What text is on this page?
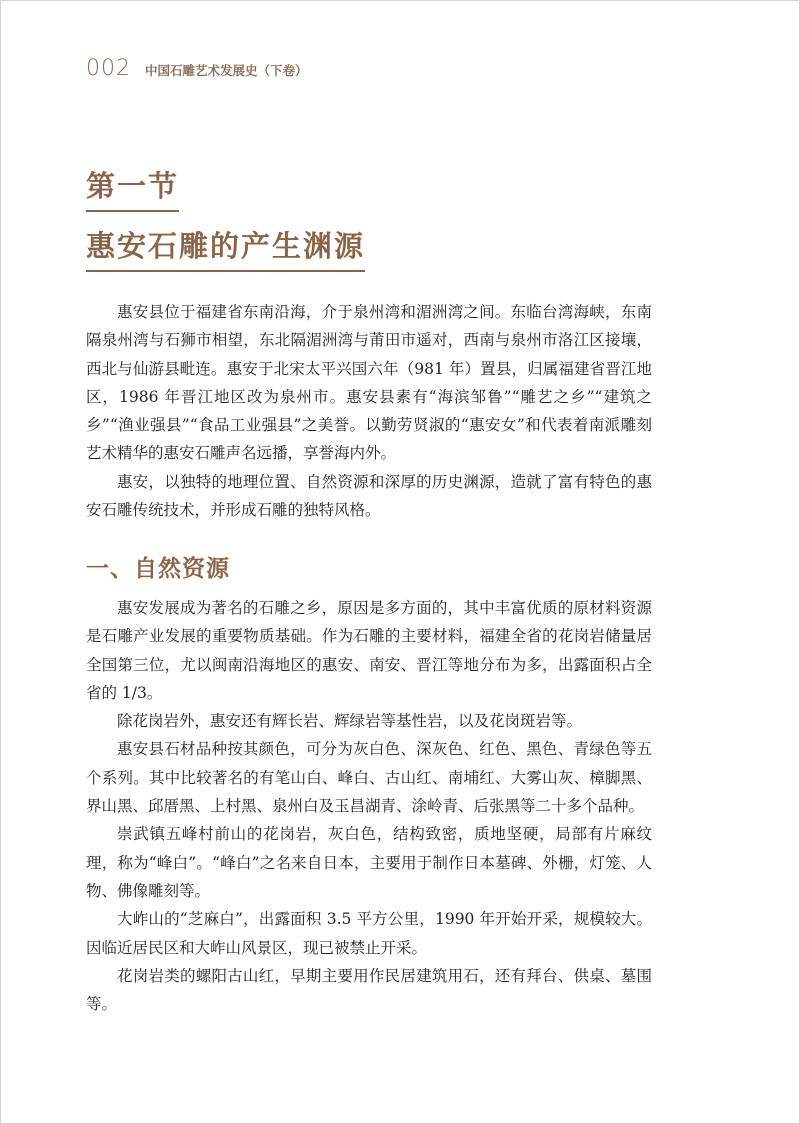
002 中国石雕艺术发展史（下卷）
第一节
惠安石雕的产生渊源

惠安县位于福建省东南沿海，介于泉州湾和湄洲湾之间。东临台湾海峡，东南隔泉州湾与石狮市相望，东北隔湄洲湾与莆田市遥对，西南与泉州市洛江区接壤，西北与仙游县毗连。惠安于北宋太平兴国六年（981 年）置县，归属福建省晋江地区，1986 年晋江地区改为泉州市。惠安县素有“海滨邹鲁”“雕艺之乡”“建筑之乡”“渔业强县”“食品工业强县”之美誉。以勤劳贤淑的“惠安女”和代表着南派雕刻艺术精华的惠安石雕声名远播，享誉海内外。

惠安，以独特的地理位置、自然资源和深厚的历史渊源，造就了富有特色的惠安石雕传统技术，并形成石雕的独特风格。

一、自然资源

惠安发展成为著名的石雕之乡，原因是多方面的，其中丰富优质的原材料资源是石雕产业发展的重要物质基础。作为石雕的主要材料，福建全省的花岗岩储量居全国第三位，尤以闽南沿海地区的惠安、南安、晋江等地分布为多，出露面积占全省的 1/3。

除花岗岩外，惠安还有辉长岩、辉绿岩等基性岩，以及花岗斑岩等。

惠安县石材品种按其颜色，可分为灰白色、深灰色、红色、黑色、青绿色等五个系列。其中比较著名的有笔山白、峰白、古山红、南埔红、大雾山灰、樟脚黑、界山黑、邱厝黑、上村黑、泉州白及玉昌湖青、涂岭青、后张黑等二十多个品种。

崇武镇五峰村前山的花岗岩，灰白色，结构致密，质地坚硬，局部有片麻纹理，称为“峰白”。“峰白”之名来自日本，主要用于制作日本墓碑、外栅，灯笼、人物、佛像雕刻等。

大岞山的“芝麻白”，出露面积 3.5 平方公里，1990 年开始开采，规模较大。因临近居民区和大岞山风景区，现已被禁止开采。

花岗岩类的螺阳古山红，早期主要用作民居建筑用石，还有拜台、供桌、墓围等。
